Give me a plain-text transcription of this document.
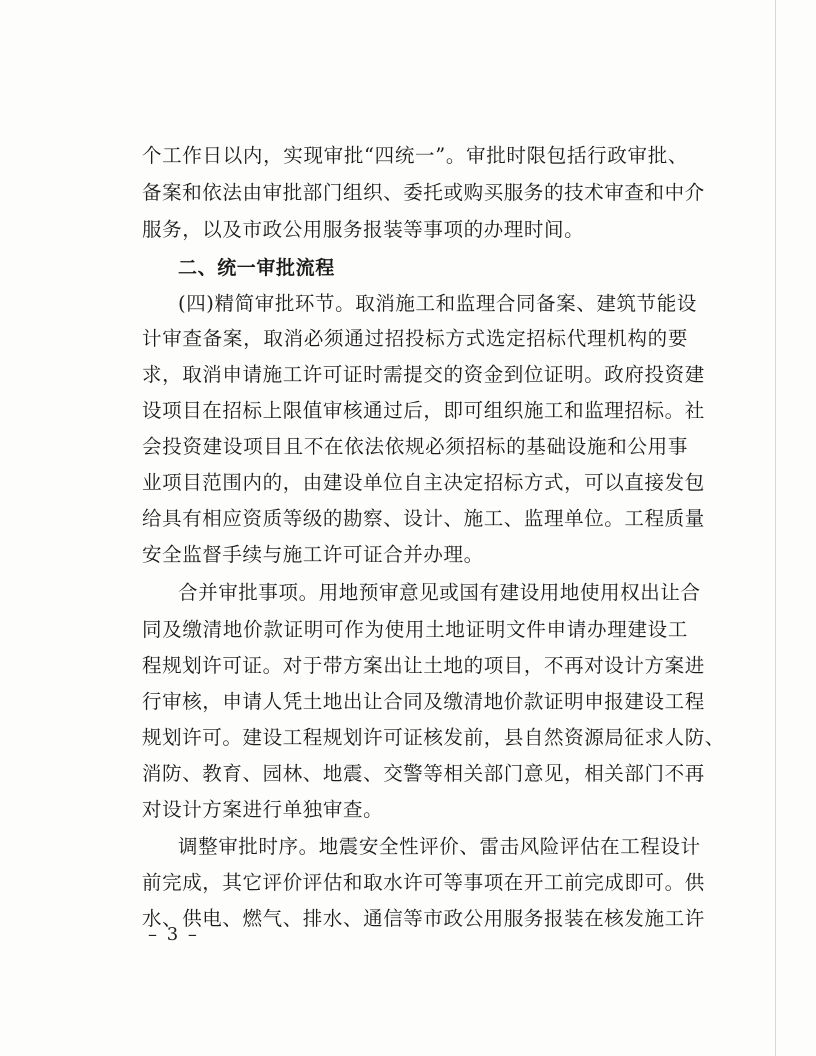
个工作日以内，实现审批“四统一”。审批时限包括行政审批、
备案和依法由审批部门组织、委托或购买服务的技术审查和中介
服务，以及市政公用服务报装等事项的办理时间。
二、统一审批流程
(四)精简审批环节。取消施工和监理合同备案、建筑节能设
计审查备案，取消必须通过招投标方式选定招标代理机构的要
求，取消申请施工许可证时需提交的资金到位证明。政府投资建
设项目在招标上限值审核通过后，即可组织施工和监理招标。社
会投资建设项目且不在依法依规必须招标的基础设施和公用事
业项目范围内的，由建设单位自主决定招标方式，可以直接发包
给具有相应资质等级的勘察、设计、施工、监理单位。工程质量
安全监督手续与施工许可证合并办理。
合并审批事项。用地预审意见或国有建设用地使用权出让合
同及缴清地价款证明可作为使用土地证明文件申请办理建设工
程规划许可证。对于带方案出让土地的项目，不再对设计方案进
行审核，申请人凭土地出让合同及缴清地价款证明申报建设工程
规划许可。建设工程规划许可证核发前，县自然资源局征求人防、
消防、教育、园林、地震、交警等相关部门意见，相关部门不再
对设计方案进行单独审查。
调整审批时序。地震安全性评价、雷击风险评估在工程设计
前完成，其它评价评估和取水许可等事项在开工前完成即可。供
水、供电、燃气、排水、通信等市政公用服务报装在核发施工许
– 3 –
